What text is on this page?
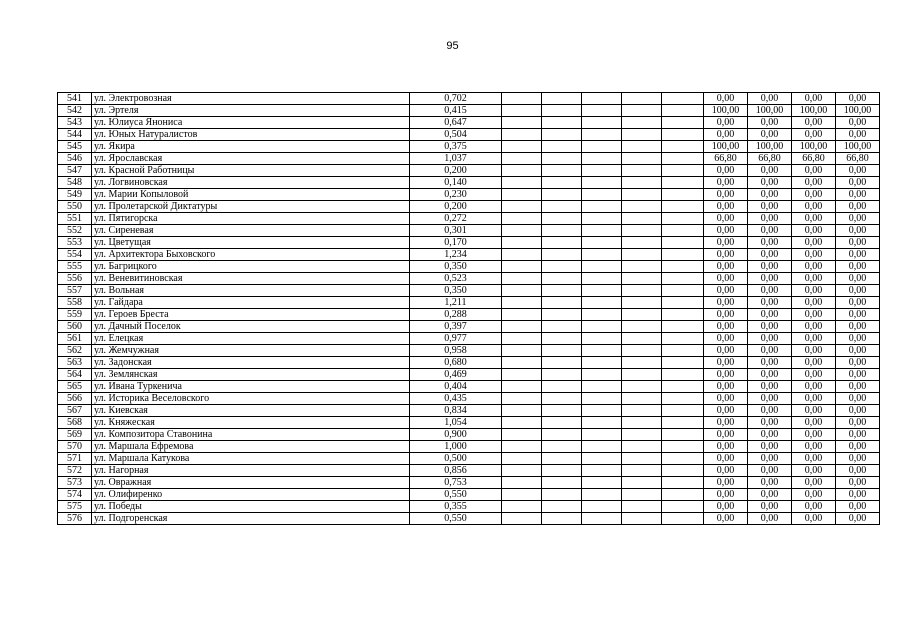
95
541	ул. Электровозная	0,702						0,00	0,00	0,00	0,00
542	ул. Эртеля	0,415						100,00	100,00	100,00	100,00
543	ул. Юлиуса Янониса	0,647						0,00	0,00	0,00	0,00
544	ул. Юных Натуралистов	0,504						0,00	0,00	0,00	0,00
545	ул. Якира	0,375						100,00	100,00	100,00	100,00
546	ул. Ярославская	1,037						66,80	66,80	66,80	66,80
547	ул. Красной Работницы	0,200						0,00	0,00	0,00	0,00
548	ул. Логвиновская	0,140						0,00	0,00	0,00	0,00
549	ул. Марии Копыловой	0,230						0,00	0,00	0,00	0,00
550	ул. Пролетарской Диктатуры	0,200						0,00	0,00	0,00	0,00
551	ул. Пятигорска	0,272						0,00	0,00	0,00	0,00
552	ул. Сиреневая	0,301						0,00	0,00	0,00	0,00
553	ул. Цветущая	0,170						0,00	0,00	0,00	0,00
554	ул. Архитектора Быховского	1,234						0,00	0,00	0,00	0,00
555	ул. Багрицкого	0,350						0,00	0,00	0,00	0,00
556	ул. Веневитиновская	0,523						0,00	0,00	0,00	0,00
557	ул. Вольная	0,350						0,00	0,00	0,00	0,00
558	ул. Гайдара	1,211						0,00	0,00	0,00	0,00
559	ул. Героев Бреста	0,288						0,00	0,00	0,00	0,00
560	ул. Дачный Поселок	0,397						0,00	0,00	0,00	0,00
561	ул. Елецкая	0,977						0,00	0,00	0,00	0,00
562	ул. Жемчужная	0,958						0,00	0,00	0,00	0,00
563	ул. Задонская	0,680						0,00	0,00	0,00	0,00
564	ул. Землянская	0,469						0,00	0,00	0,00	0,00
565	ул. Ивана Туркенича	0,404						0,00	0,00	0,00	0,00
566	ул. Историка Веселовского	0,435						0,00	0,00	0,00	0,00
567	ул. Киевская	0,834						0,00	0,00	0,00	0,00
568	ул. Княжеская	1,054						0,00	0,00	0,00	0,00
569	ул. Композитора Ставонина	0,900						0,00	0,00	0,00	0,00
570	ул. Маршала Ефремова	1,000						0,00	0,00	0,00	0,00
571	ул. Маршала Катукова	0,500						0,00	0,00	0,00	0,00
572	ул. Нагорная	0,856						0,00	0,00	0,00	0,00
573	ул. Овражная	0,753						0,00	0,00	0,00	0,00
574	ул. Олифиренко	0,550						0,00	0,00	0,00	0,00
575	ул. Победы	0,355						0,00	0,00	0,00	0,00
576	ул. Подгоренская	0,550						0,00	0,00	0,00	0,00
